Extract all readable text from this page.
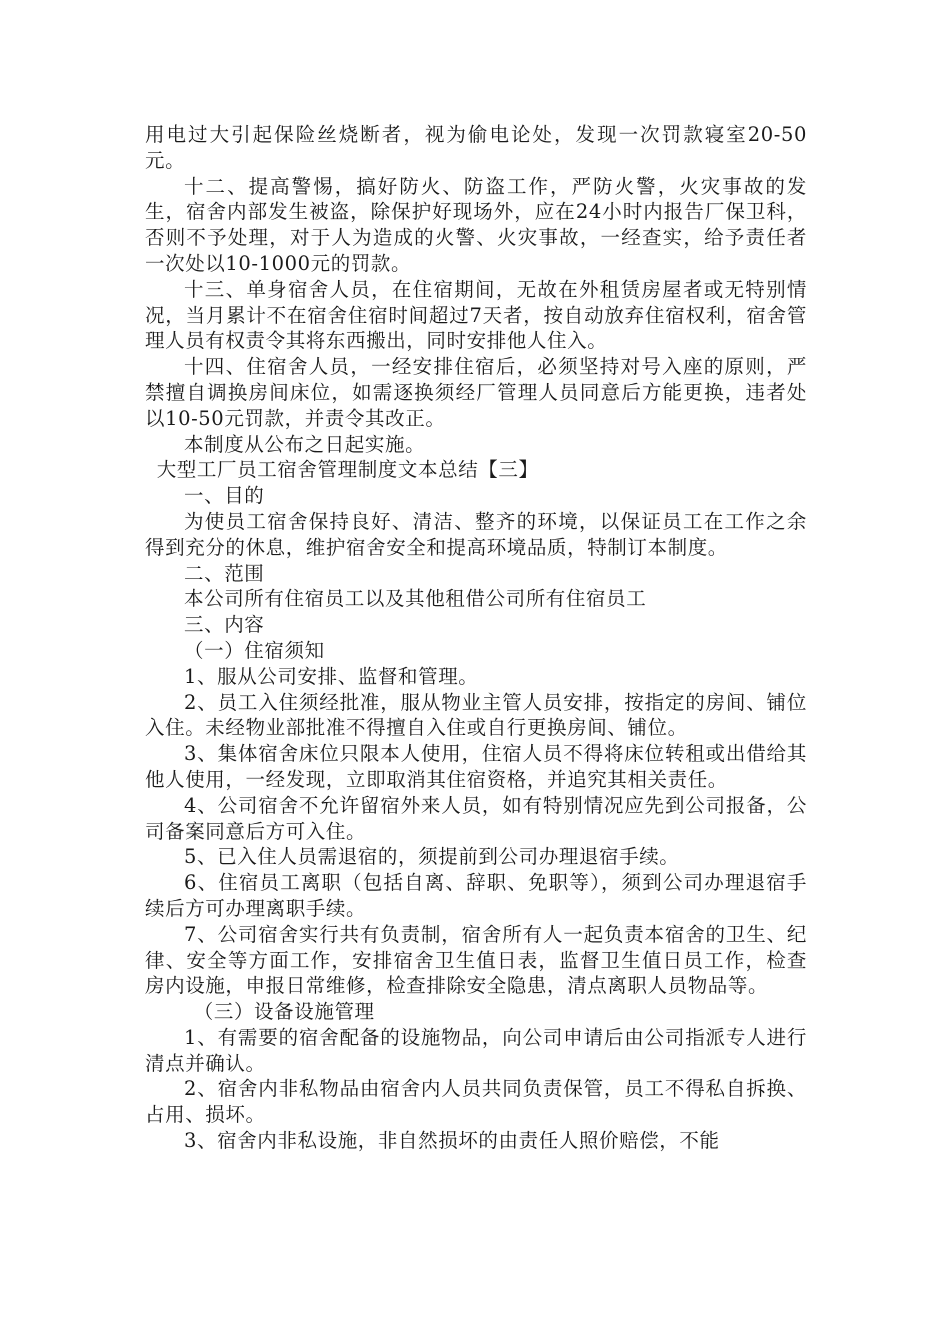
用电过大引起保险丝烧断者，视为偷电论处，发现一次罚款寝室20-50元。

十二、提高警惕，搞好防火、防盗工作，严防火警，火灾事故的发生，宿舍内部发生被盗，除保护好现场外，应在24小时内报告厂保卫科，否则不予处理，对于人为造成的火警、火灾事故，一经查实，给予责任者一次处以10-1000元的罚款。

十三、单身宿舍人员，在住宿期间，无故在外租赁房屋者或无特别情况，当月累计不在宿舍住宿时间超过7天者，按自动放弃住宿权利，宿舍管理人员有权责令其将东西搬出，同时安排他人住入。

十四、住宿舍人员，一经安排住宿后，必须坚持对号入座的原则，严禁擅自调换房间床位，如需逐换须经厂管理人员同意后方能更换，违者处以10-50元罚款，并责令其改正。

本制度从公布之日起实施。

大型工厂员工宿舍管理制度文本总结【三】

一、目的

为使员工宿舍保持良好、清洁、整齐的环境，以保证员工在工作之余得到充分的休息，维护宿舍安全和提高环境品质，特制订本制度。

二、范围

本公司所有住宿员工以及其他租借公司所有住宿员工

三、内容

（一）住宿须知

1、服从公司安排、监督和管理。

2、员工入住须经批准，服从物业主管人员安排，按指定的房间、铺位入住。未经物业部批准不得擅自入住或自行更换房间、铺位。

3、集体宿舍床位只限本人使用，住宿人员不得将床位转租或出借给其他人使用，一经发现，立即取消其住宿资格，并追究其相关责任。

4、公司宿舍不允许留宿外来人员，如有特别情况应先到公司报备，公司备案同意后方可入住。

5、已入住人员需退宿的，须提前到公司办理退宿手续。

6、住宿员工离职（包括自离、辞职、免职等），须到公司办理退宿手续后方可办理离职手续。

7、公司宿舍实行共有负责制，宿舍所有人一起负责本宿舍的卫生、纪律、安全等方面工作，安排宿舍卫生值日表，监督卫生值日员工作，检查房内设施，申报日常维修，检查排除安全隐患，清点离职人员物品等。

（三）设备设施管理

1、有需要的宿舍配备的设施物品，向公司申请后由公司指派专人进行清点并确认。

2、宿舍内非私物品由宿舍内人员共同负责保管，员工不得私自拆换、占用、损坏。

3、宿舍内非私设施，非自然损坏的由责任人照价赔偿，不能
